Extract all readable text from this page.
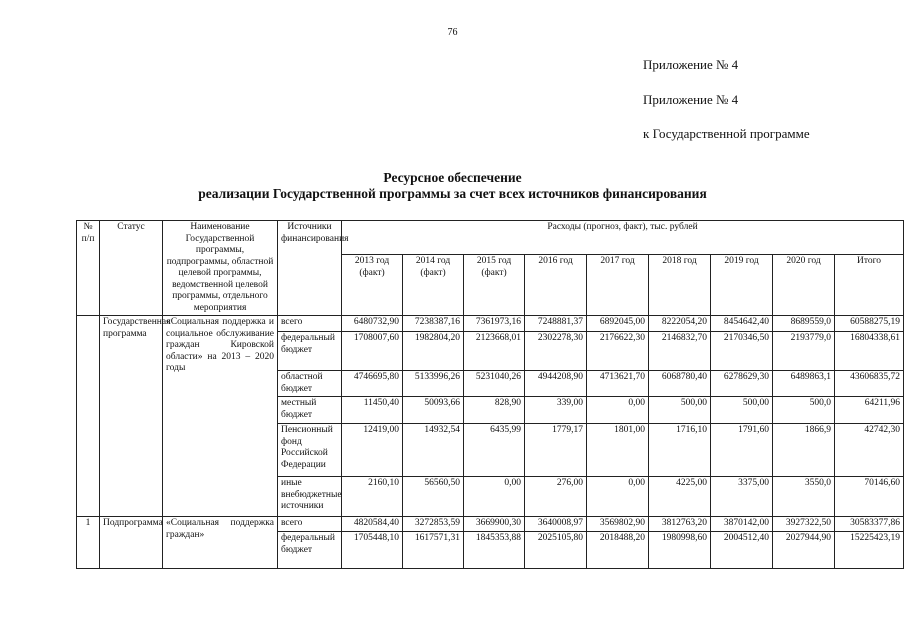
76
Приложение № 4
Приложение № 4
к Государственной программе
Ресурсное обеспечение
реализации Государственной программы за счет всех источников финансирования
№ п/п	Статус	Наименование Государственной программы, подпрограммы, областной целевой программы, ведомственной целевой программы, отдельного мероприятия	Источники финансирования	Расходы (прогноз, факт), тыс. рублей								
				2013 год (факт)	2014 год (факт)	2015 год (факт)	2016 год	2017 год	2018 год	2019 год	2020 год	Итого
	Государственная программа	«Социальная поддержка и социальное обслуживание граждан Кировской области» на 2013 – 2020 годы	всего	6480732,90	7238387,16	7361973,16	7248881,37	6892045,00	8222054,20	8454642,40	8689559,0	60588275,19
			федеральный бюджет	1708007,60	1982804,20	2123668,01	2302278,30	2176622,30	2146832,70	2170346,50	2193779,0	16804338,61
			областной бюджет	4746695,80	5133996,26	5231040,26	4944208,90	4713621,70	6068780,40	6278629,30	6489863,1	43606835,72
			местный бюджет	11450,40	50093,66	828,90	339,00	0,00	500,00	500,00	500,0	64211,96
			Пенсионный фонд Российской Федерации	12419,00	14932,54	6435,99	1779,17	1801,00	1716,10	1791,60	1866,9	42742,30
			иные внебюджетные источники	2160,10	56560,50	0,00	276,00	0,00	4225,00	3375,00	3550,0	70146,60
1	Подпрограмма	«Социальная поддержка граждан»	всего	4820584,40	3272853,59	3669900,30	3640008,97	3569802,90	3812763,20	3870142,00	3927322,50	30583377,86
			федеральный бюджет	1705448,10	1617571,31	1845353,88	2025105,80	2018488,20	1980998,60	2004512,40	2027944,90	15225423,19
